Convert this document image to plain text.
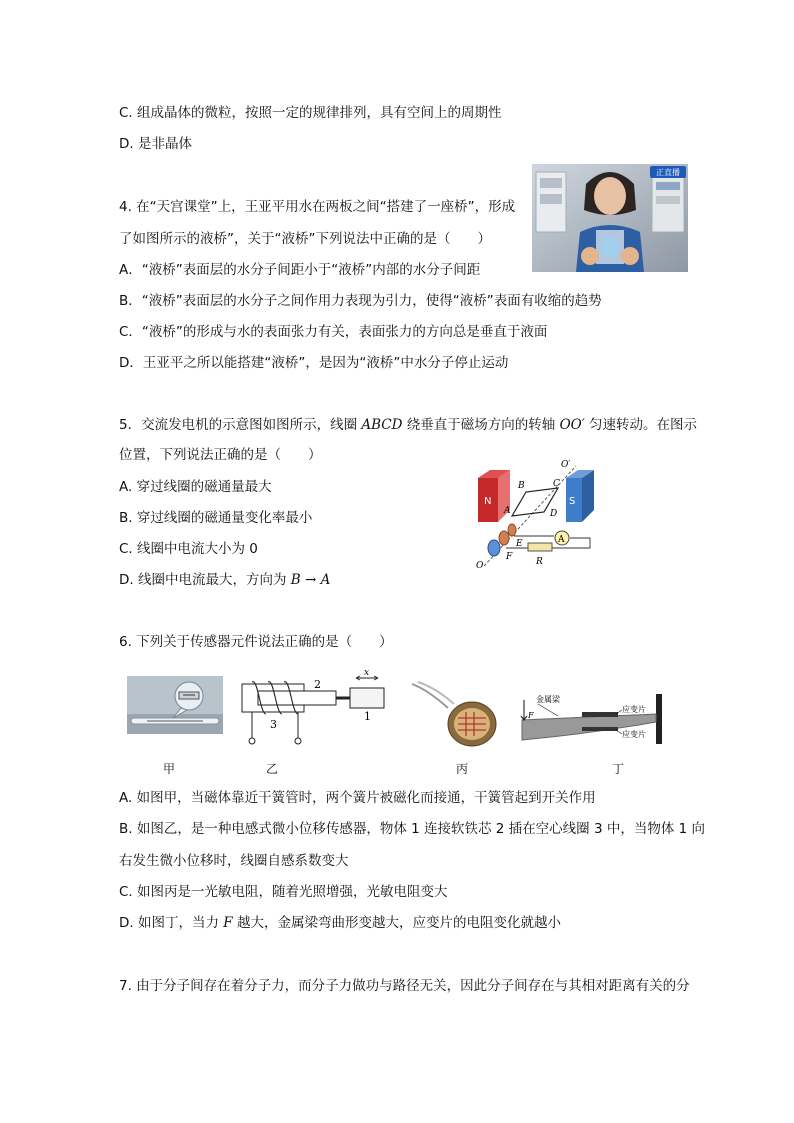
C. 组成晶体的微粒，按照一定的规律排列，具有空间上的周期性
D. 是非晶体
4. 在“天宫课堂”上，王亚平用水在两板之间“搭建了一座桥”，形成
了如图所示的液桥”，关于“液桥”下列说法中正确的是（　　）
A．“液桥”表面层的水分子间距小于“液桥”内部的水分子间距
B．“液桥”表面层的水分子之间作用力表现为引力，使得“液桥”表面有收缩的趋势
C．“液桥”的形成与水的表面张力有关，表面张力的方向总是垂直于液面
D．王亚平之所以能搭建“液桥”，是因为“液桥”中水分子停止运动
正直播
5．交流发电机的示意图如图所示，线圈 ABCD 绕垂直于磁场方向的转轴 OO′ 匀速转动。在图示
位置，下列说法正确的是（　　）
A. 穿过线圈的磁通量最大
B. 穿过线圈的磁通量变化率最小
C. 线圈中电流大小为 0
D. 线圈中电流最大，方向为 B → A
N	S
B
A	D
C
O′
O
F
E
R
A
6. 下列关于传感器元件说法正确的是（　　）
甲
x
2
1
3
乙	丙
F
金属梁
应变片
应变片
丁
A. 如图甲，当磁体靠近干簧管时，两个簧片被磁化而接通，干簧管起到开关作用
B. 如图乙，是一种电感式微小位移传感器，物体 1 连接软铁芯 2 插在空心线圈 3 中，当物体 1 向
右发生微小位移时，线圈自感系数变大
C. 如图丙是一光敏电阻，随着光照增强，光敏电阻变大
D. 如图丁，当力 F 越大，金属梁弯曲形变越大，应变片的电阻变化就越小
7. 由于分子间存在着分子力，而分子力做功与路径无关，因此分子间存在与其相对距离有关的分
